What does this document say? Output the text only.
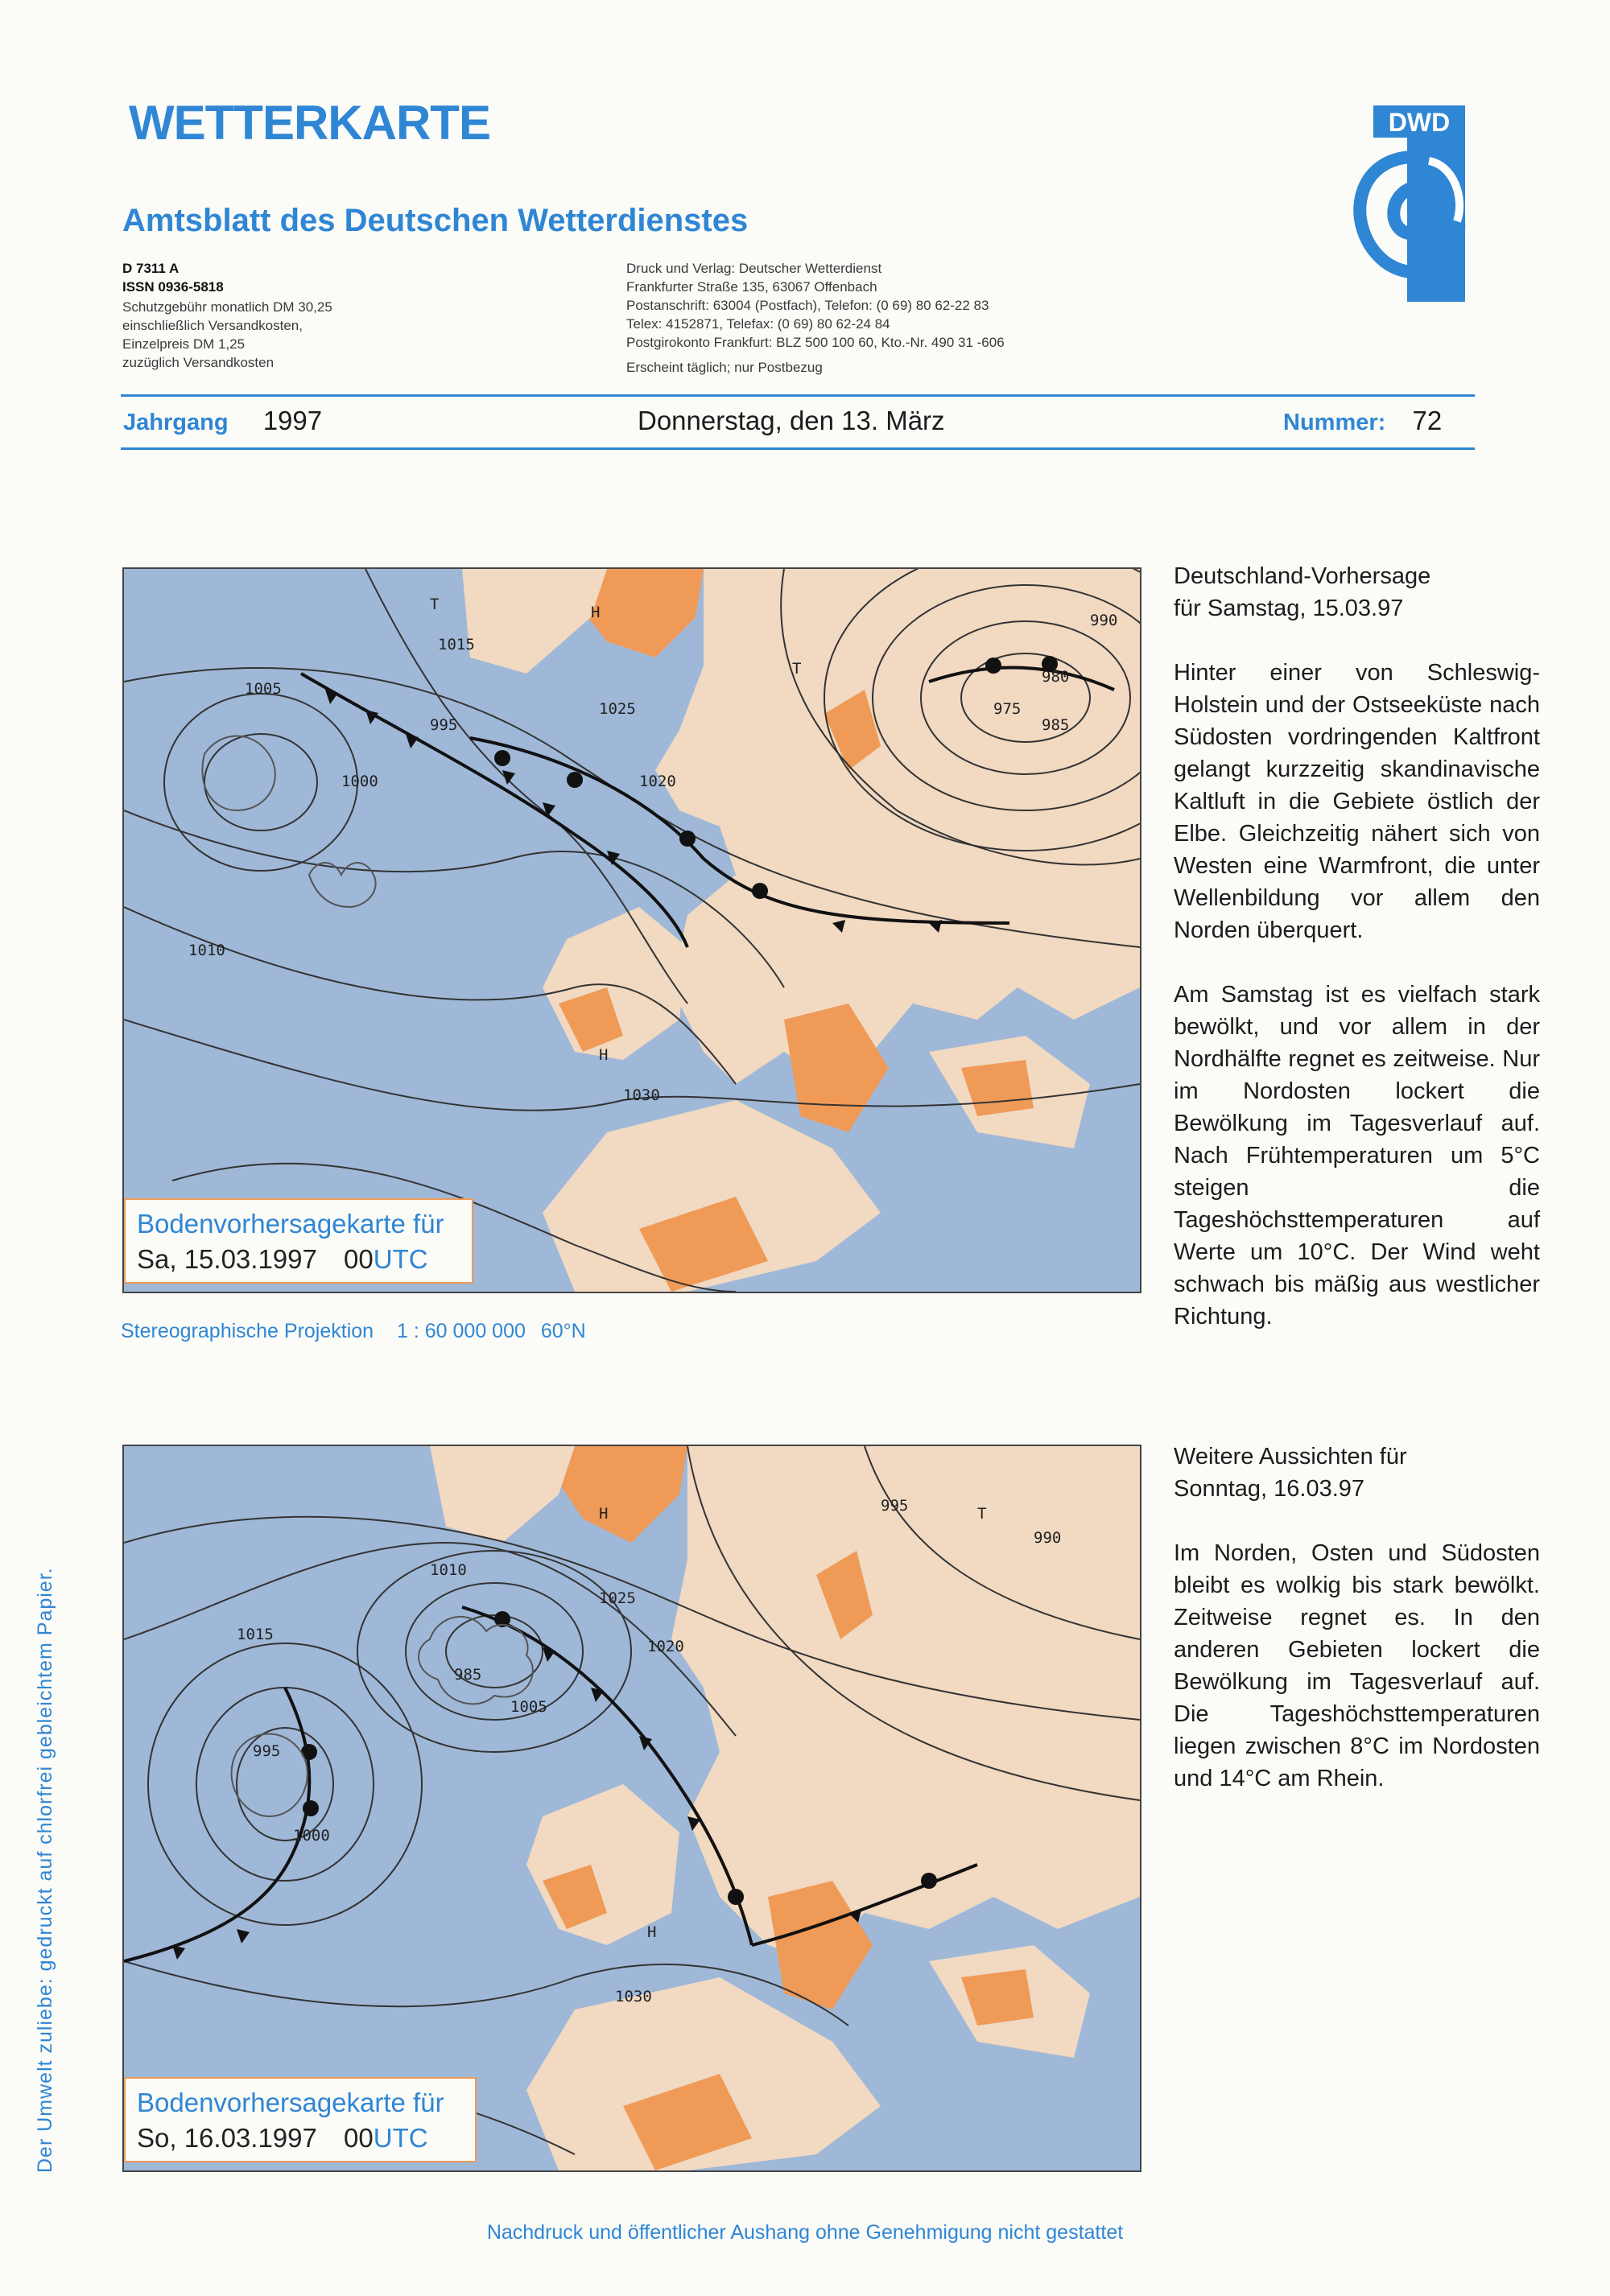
WETTERKARTE
Amtsblatt des Deutschen Wetterdienstes
D 7311 A
ISSN 0936-5818
Schutzgebühr monatlich DM 30,25
einschließlich Versandkosten,
Einzelpreis DM 1,25
zuzüglich Versandkosten
Druck und Verlag: Deutscher Wetterdienst
Frankfurter Straße 135, 63067 Offenbach
Postanschrift: 63004 (Postfach), Telefon: (0 69) 80 62-22 83
Telex: 4152871, Telefax: (0 69) 80 62-24 84
Postgirokonto Frankfurt: BLZ 500 100 60, Kto.-Nr. 490 31 -606
Erscheint täglich; nur Postbezug
DWD
Jahrgang 1997	Donnerstag, den 13. März	Nummer: 72
T	H
1015
995
1005
1025
1020
1000
1010
1030
980
975
985
990
T
H
Bodenvorhersagekarte für
Sa, 15.03.1997 00UTC
Stereographische Projektion 1 : 60 000 000 60°N
H
1010
1005
995
1015
1000
985
1025
1020
990
1030
T
H
995
Bodenvorhersagekarte für
So, 16.03.1997 00UTC

Deutschland-Vorhersage

für Samstag, 15.03.97

Hinter einer von Schleswig-Holstein und der Ostseeküste nach Südosten vordringenden Kaltfront gelangt kurzzeitig skandinavische Kaltluft in die Gebiete östlich der Elbe. Gleichzeitig nähert sich von Westen eine Warmfront, die unter Wellenbildung vor allem den Norden überquert.

Am Samstag ist es vielfach stark bewölkt, und vor allem in der Nordhälfte regnet es zeitweise. Nur im Nordosten lockert die Bewölkung im Tagesverlauf auf. Nach Frühtemperaturen um 5°C steigen die Tageshöchsttemperaturen auf Werte um 10°C. Der Wind weht schwach bis mäßig aus westlicher Richtung.

Weitere Aussichten für

Sonntag, 16.03.97

Im Norden, Osten und Südosten bleibt es wolkig bis stark bewölkt. Zeitweise regnet es. In den anderen Gebieten lockert die Bewölkung im Tagesverlauf auf. Die Tageshöchsttemperaturen liegen zwischen 8°C im Nordosten und 14°C am Rhein.

Der Umwelt zuliebe: gedruckt auf chlorfrei gebleichtem Papier.
Nachdruck und öffentlicher Aushang ohne Genehmigung nicht gestattet
